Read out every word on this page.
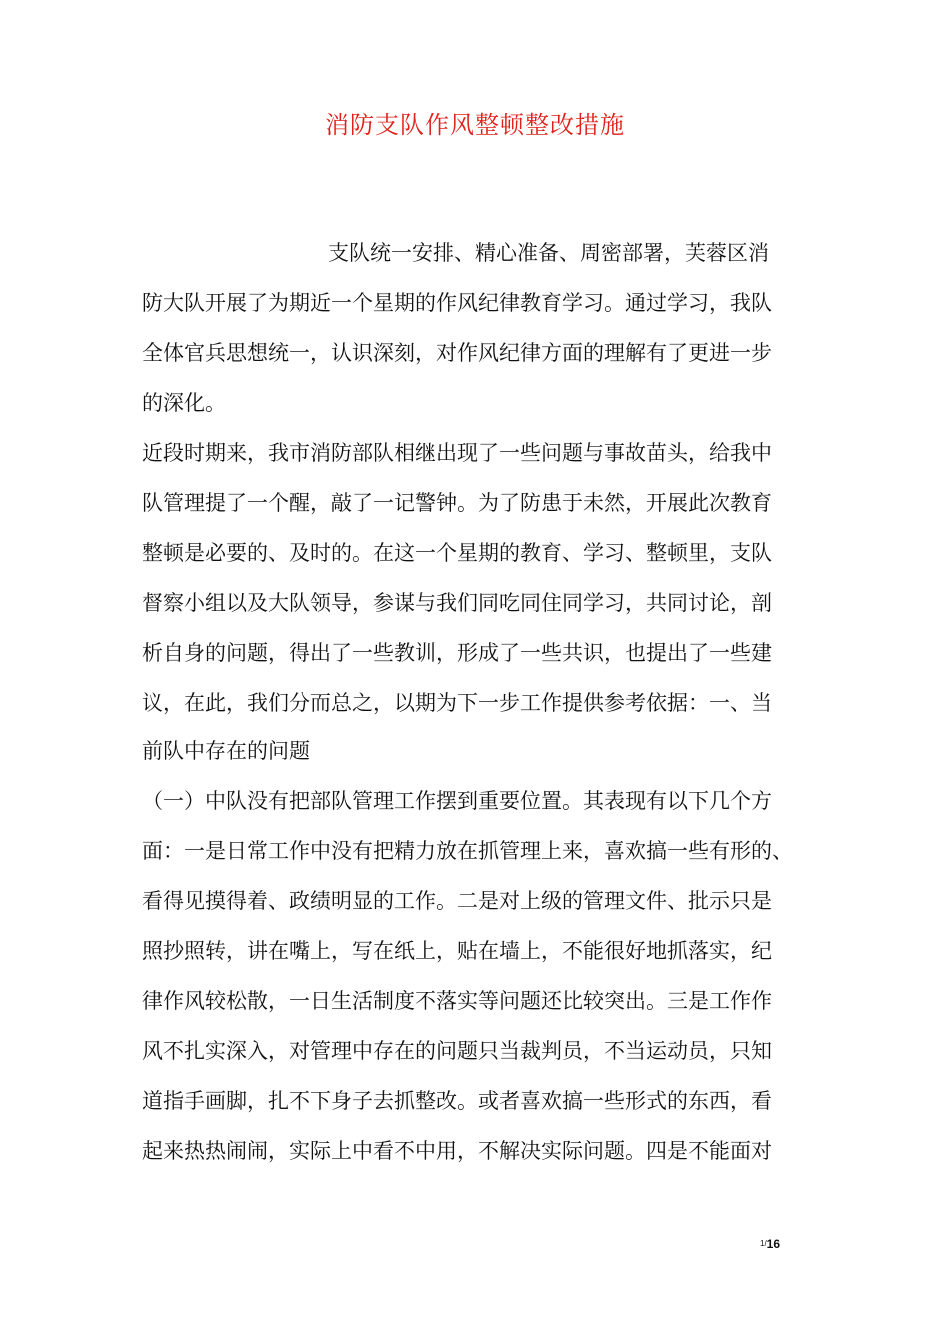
消防支队作风整顿整改措施

支队统一安排、精心准备、周密部署，芙蓉区消

防大队开展了为期近一个星期的作风纪律教育学习。通过学习，我队

全体官兵思想统一，认识深刻，对作风纪律方面的理解有了更进一步

的深化。

近段时期来，我市消防部队相继出现了一些问题与事故苗头，给我中

队管理提了一个醒，敲了一记警钟。为了防患于未然，开展此次教育

整顿是必要的、及时的。在这一个星期的教育、学习、整顿里，支队

督察小组以及大队领导，参谋与我们同吃同住同学习，共同讨论，剖

析自身的问题，得出了一些教训，形成了一些共识，也提出了一些建

议，在此，我们分而总之，以期为下一步工作提供参考依据：一、当

前队中存在的问题

（一）中队没有把部队管理工作摆到重要位置。其表现有以下几个方

面：一是日常工作中没有把精力放在抓管理上来，喜欢搞一些有形的、

看得见摸得着、政绩明显的工作。二是对上级的管理文件、批示只是

照抄照转，讲在嘴上，写在纸上，贴在墙上，不能很好地抓落实，纪

律作风较松散，一日生活制度不落实等问题还比较突出。三是工作作

风不扎实深入，对管理中存在的问题只当裁判员，不当运动员，只知

道指手画脚，扎不下身子去抓整改。或者喜欢搞一些形式的东西，看

起来热热闹闹，实际上中看不中用，不解决实际问题。四是不能面对

$^{1/}$16
